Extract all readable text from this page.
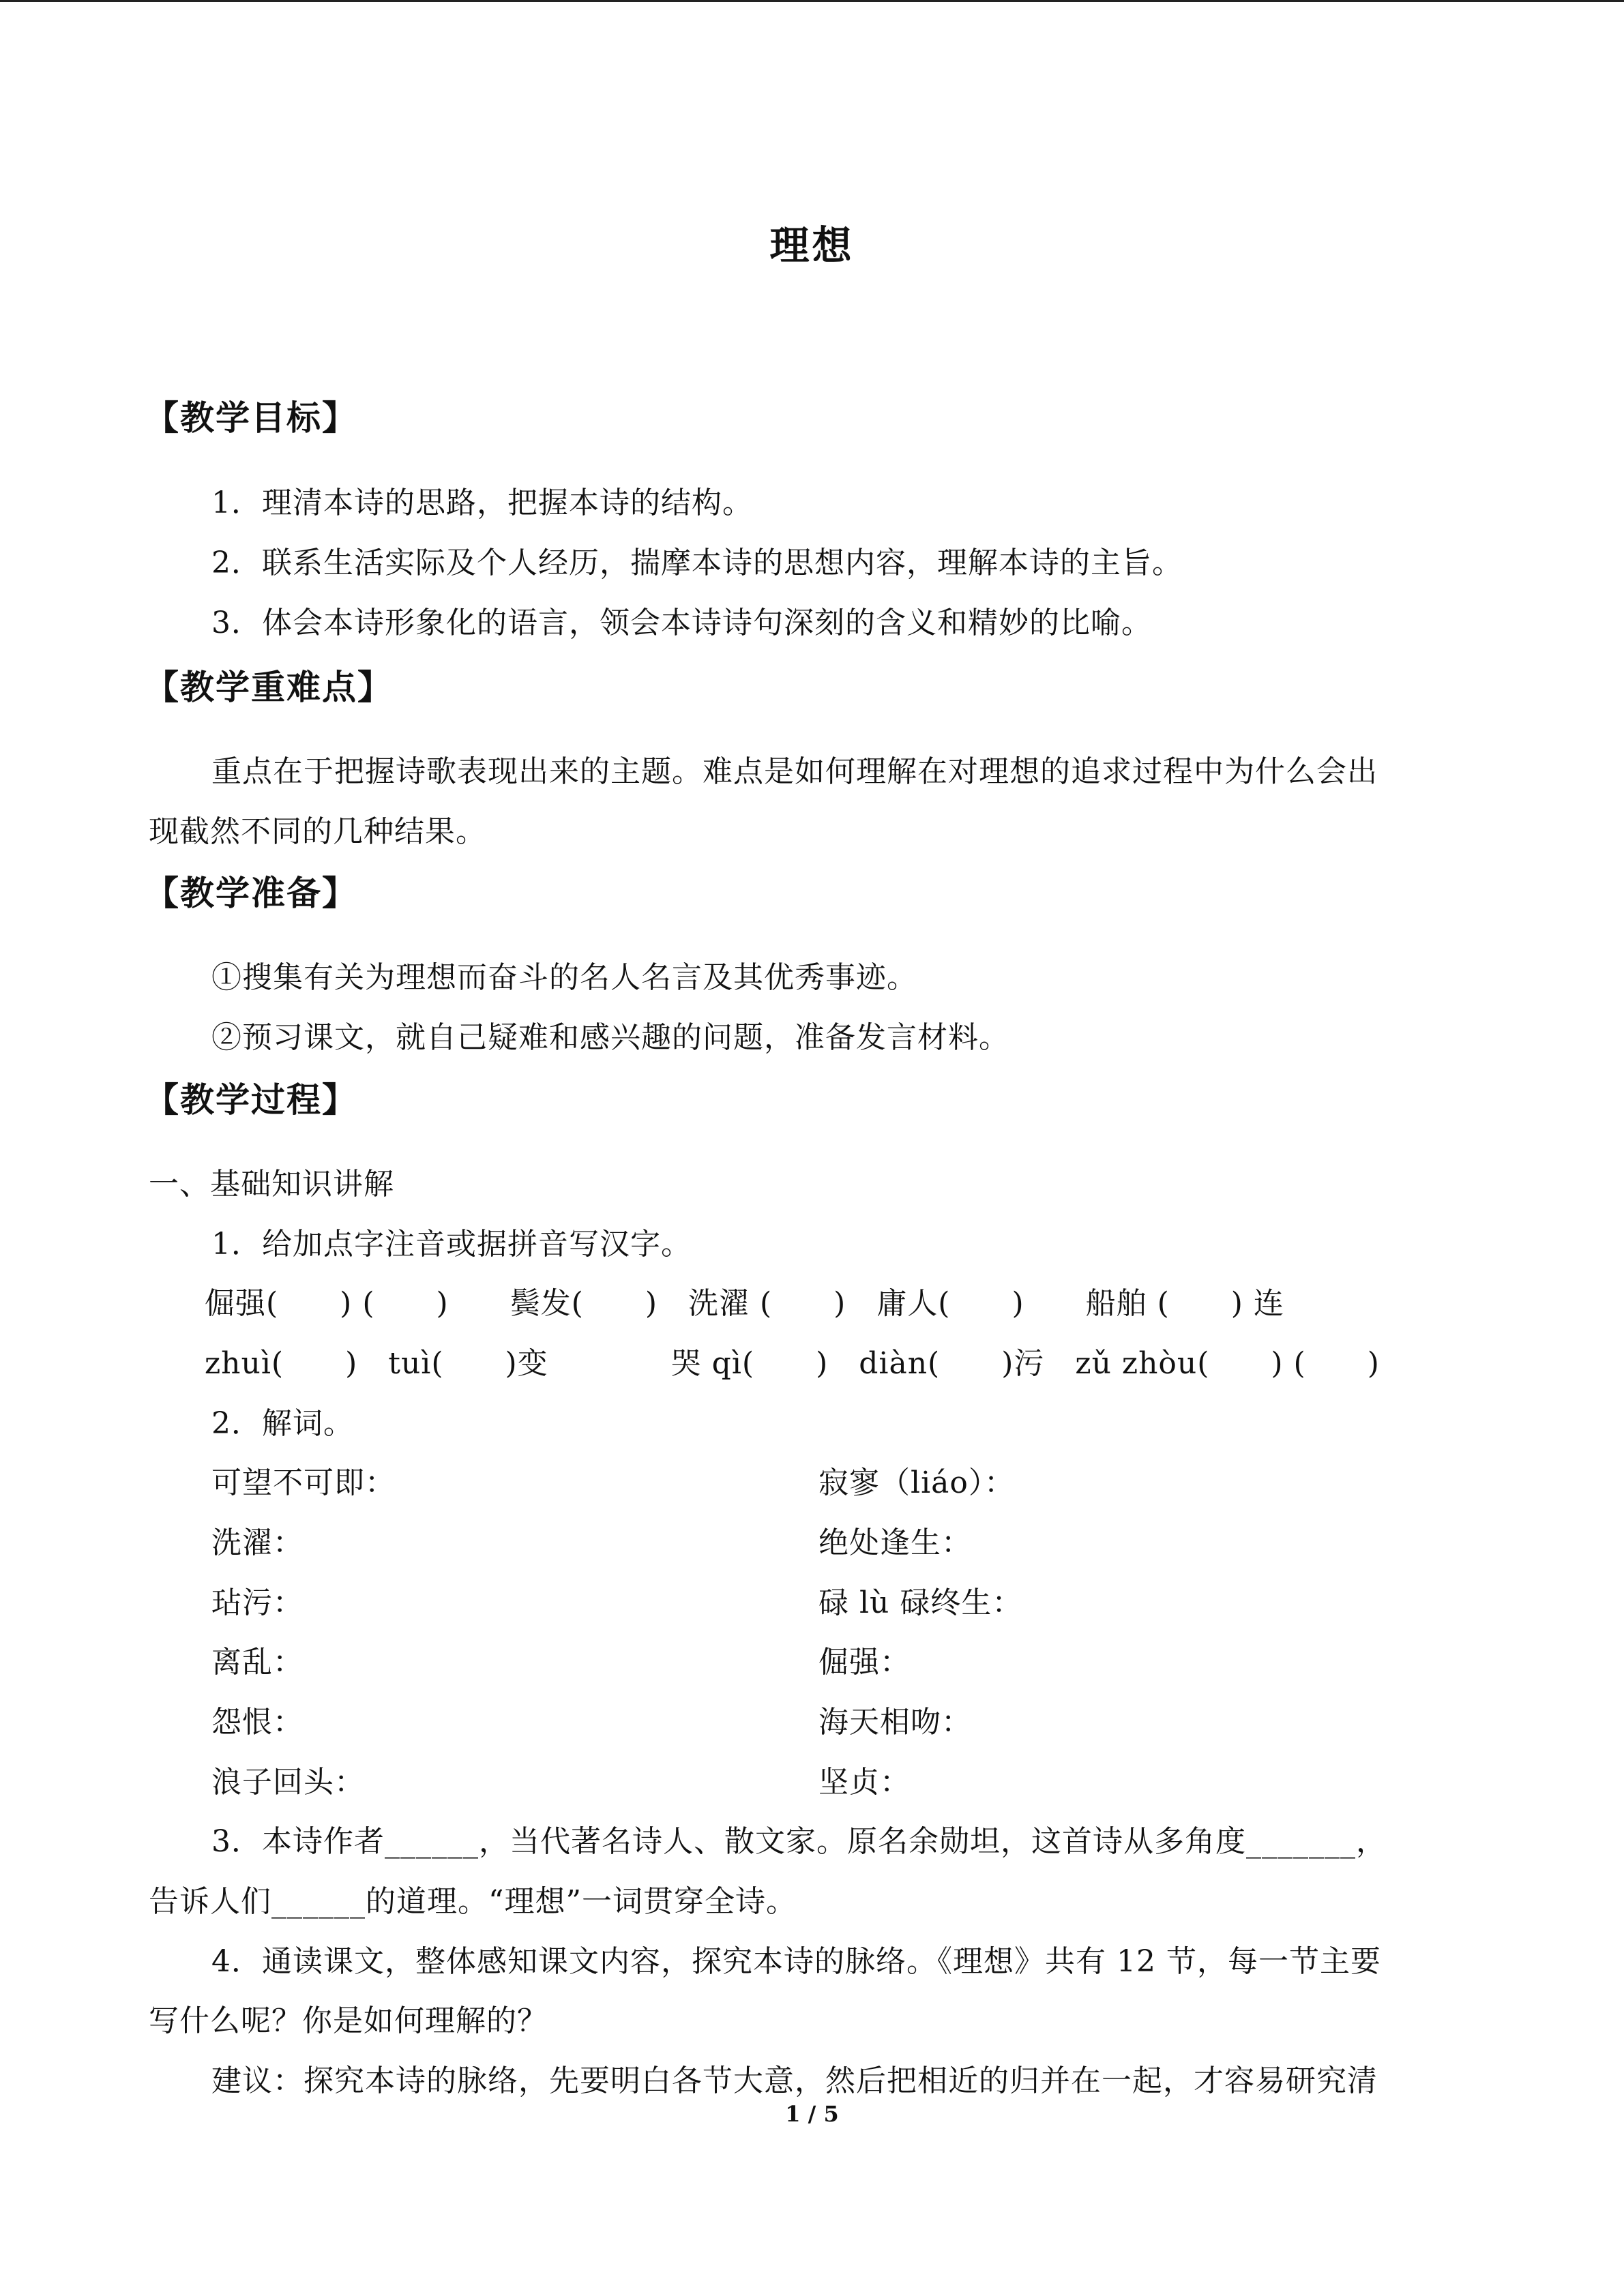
理想
【教学目标】
1．理清本诗的思路，把握本诗的结构。
2．联系生活实际及个人经历，揣摩本诗的思想内容，理解本诗的主旨。
3．体会本诗形象化的语言，领会本诗诗句深刻的含义和精妙的比喻。
【教学重难点】
重点在于把握诗歌表现出来的主题。难点是如何理解在对理想的追求过程中为什么会出
现截然不同的几种结果。
【教学准备】
①搜集有关为理想而奋斗的名人名言及其优秀事迹。
②预习课文，就自己疑难和感兴趣的问题，准备发言材料。
【教学过程】
一、基础知识讲解
1．给加点字注音或据拼音写汉字。
倔强(　　) (　　)　　鬓发(　　)　洗濯 (　　)　庸人(　　)　　船舶 (　　) 连
zhuì(　　)　tuì(　　)变　　　　哭 qì(　　)　diàn(　　)污　zǔ zhòu(　　) (　　)
2．解词。
可望不可即：	寂寥（liáo）：
洗濯：	绝处逢生：
玷污：	碌 lù 碌终生：
离乱：	倔强：
怨恨：	海天相吻：
浪子回头：	坚贞：
3．本诗作者______，当代著名诗人、散文家。原名余勋坦，这首诗从多角度_______，
告诉人们______的道理。“理想”一词贯穿全诗。
4．通读课文，整体感知课文内容，探究本诗的脉络。《理想》共有 12 节，每一节主要
写什么呢？你是如何理解的？
建议：探究本诗的脉络，先要明白各节大意，然后把相近的归并在一起，才容易研究清
1 / 5
